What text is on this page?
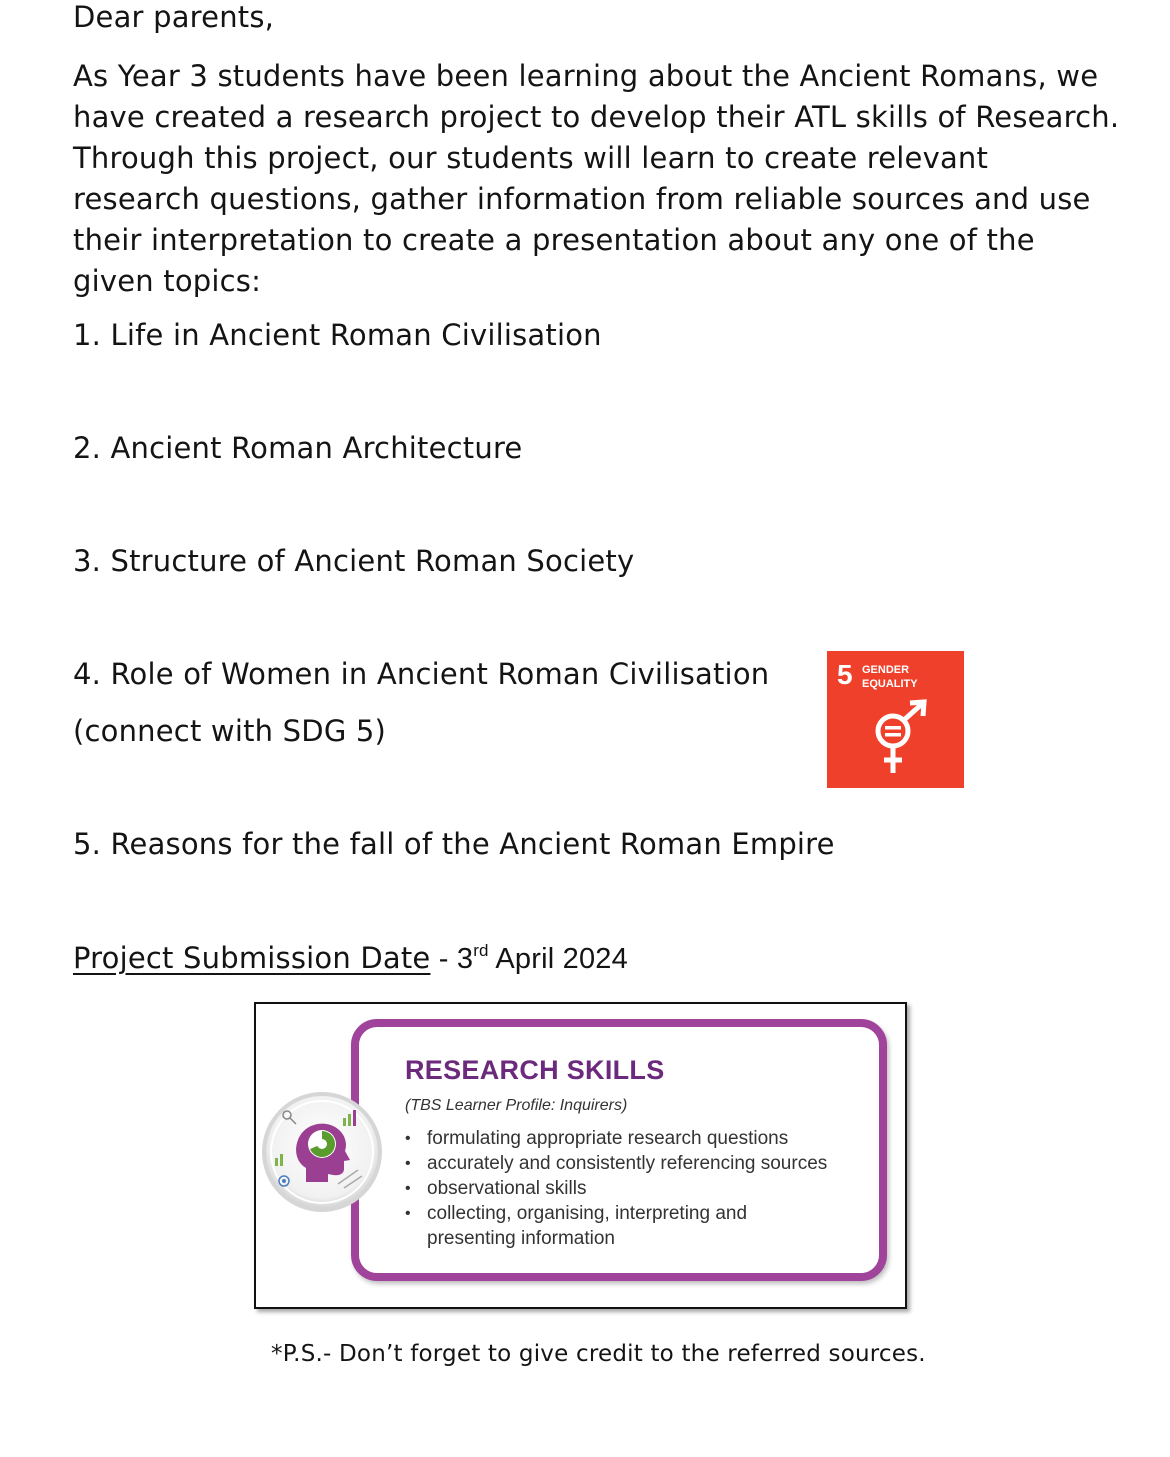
Dear parents,
As Year 3 students have been learning about the Ancient Romans, we
have created a research project to develop their ATL skills of Research.
Through this project, our students will learn to create relevant
research questions, gather information from reliable sources and use
their interpretation to create a presentation about any one of the
given topics:
1. Life in Ancient Roman Civilisation
2. Ancient Roman Architecture
3. Structure of Ancient Roman Society
4. Role of Women in Ancient Roman Civilisation
(connect with SDG 5)
5. Reasons for the fall of the Ancient Roman Empire
5 GENDER
EQUALITY
Project Submission Date - 3rd April 2024
RESEARCH SKILLS
(TBS Learner Profile: Inquirers)
• formulating appropriate research questions
• accurately and consistently referencing sources
• observational skills
• collecting, organising, interpreting and
presenting information
*P.S.- Don’t forget to give credit to the referred sources.
